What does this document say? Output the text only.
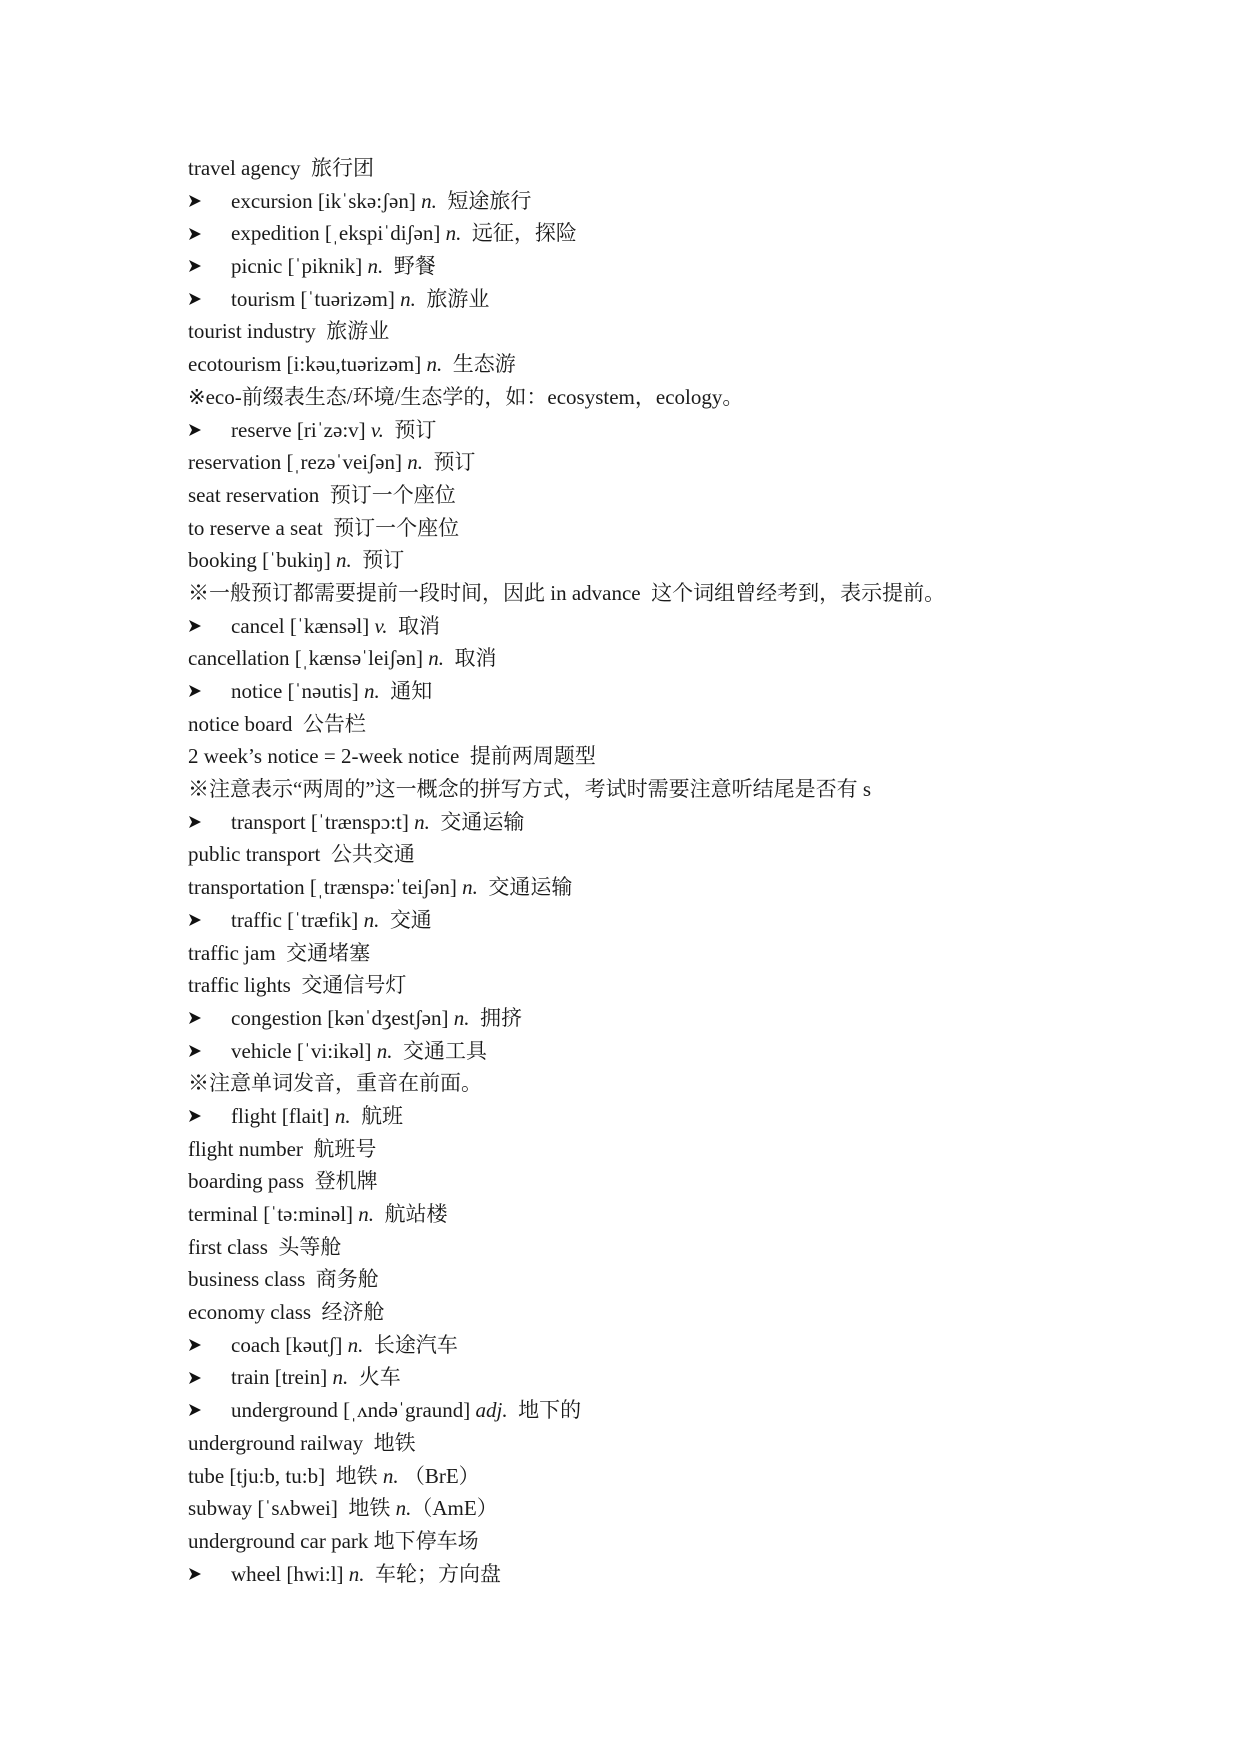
travel agency  旅行团
excursion [ikˈskə:ʃən] n.  短途旅行
expedition [ˌekspiˈdiʃən] n.  远征，探险
picnic [ˈpiknik] n.  野餐
tourism [ˈtuərizəm] n.  旅游业
tourist industry  旅游业
ecotourism [i:kəu,tuərizəm] n.  生态游
※eco-前缀表生态/环境/生态学的，如：ecosystem，ecology。
reserve [riˈzə:v] v.  预订
reservation [ˌrezəˈveiʃən] n.  预订
seat reservation  预订一个座位
to reserve a seat  预订一个座位
booking [ˈbukiŋ] n.  预订
※一般预订都需要提前一段时间，因此 in advance  这个词组曾经考到，表示提前。
cancel [ˈkænsəl] v.  取消
cancellation [ˌkænsəˈleiʃən] n.  取消
notice [ˈnəutis] n.  通知
notice board  公告栏
2 week’s notice = 2-week notice  提前两周题型
※注意表示“两周的”这一概念的拼写方式，考试时需要注意听结尾是否有 s
transport [ˈtrænspɔ:t] n.  交通运输
public transport  公共交通
transportation [ˌtrænspə:ˈteiʃən] n.  交通运输
traffic [ˈtræfik] n.  交通
traffic jam  交通堵塞
traffic lights  交通信号灯
congestion [kənˈdʒestʃən] n.  拥挤
vehicle [ˈvi:ikəl] n.  交通工具
※注意单词发音，重音在前面。
flight [flait] n.  航班
flight number  航班号
boarding pass  登机牌
terminal [ˈtə:minəl] n.  航站楼
first class  头等舱
business class  商务舱
economy class  经济舱
coach [kəutʃ] n.  长途汽车
train [trein] n.  火车
underground [ˌʌndəˈgraund] adj.  地下的
underground railway  地铁
tube [tju:b, tu:b]  地铁 n. （BrE）
subway [ˈsʌbwei]  地铁 n.（AmE）
underground car park 地下停车场
wheel [hwi:l] n.  车轮；方向盘
